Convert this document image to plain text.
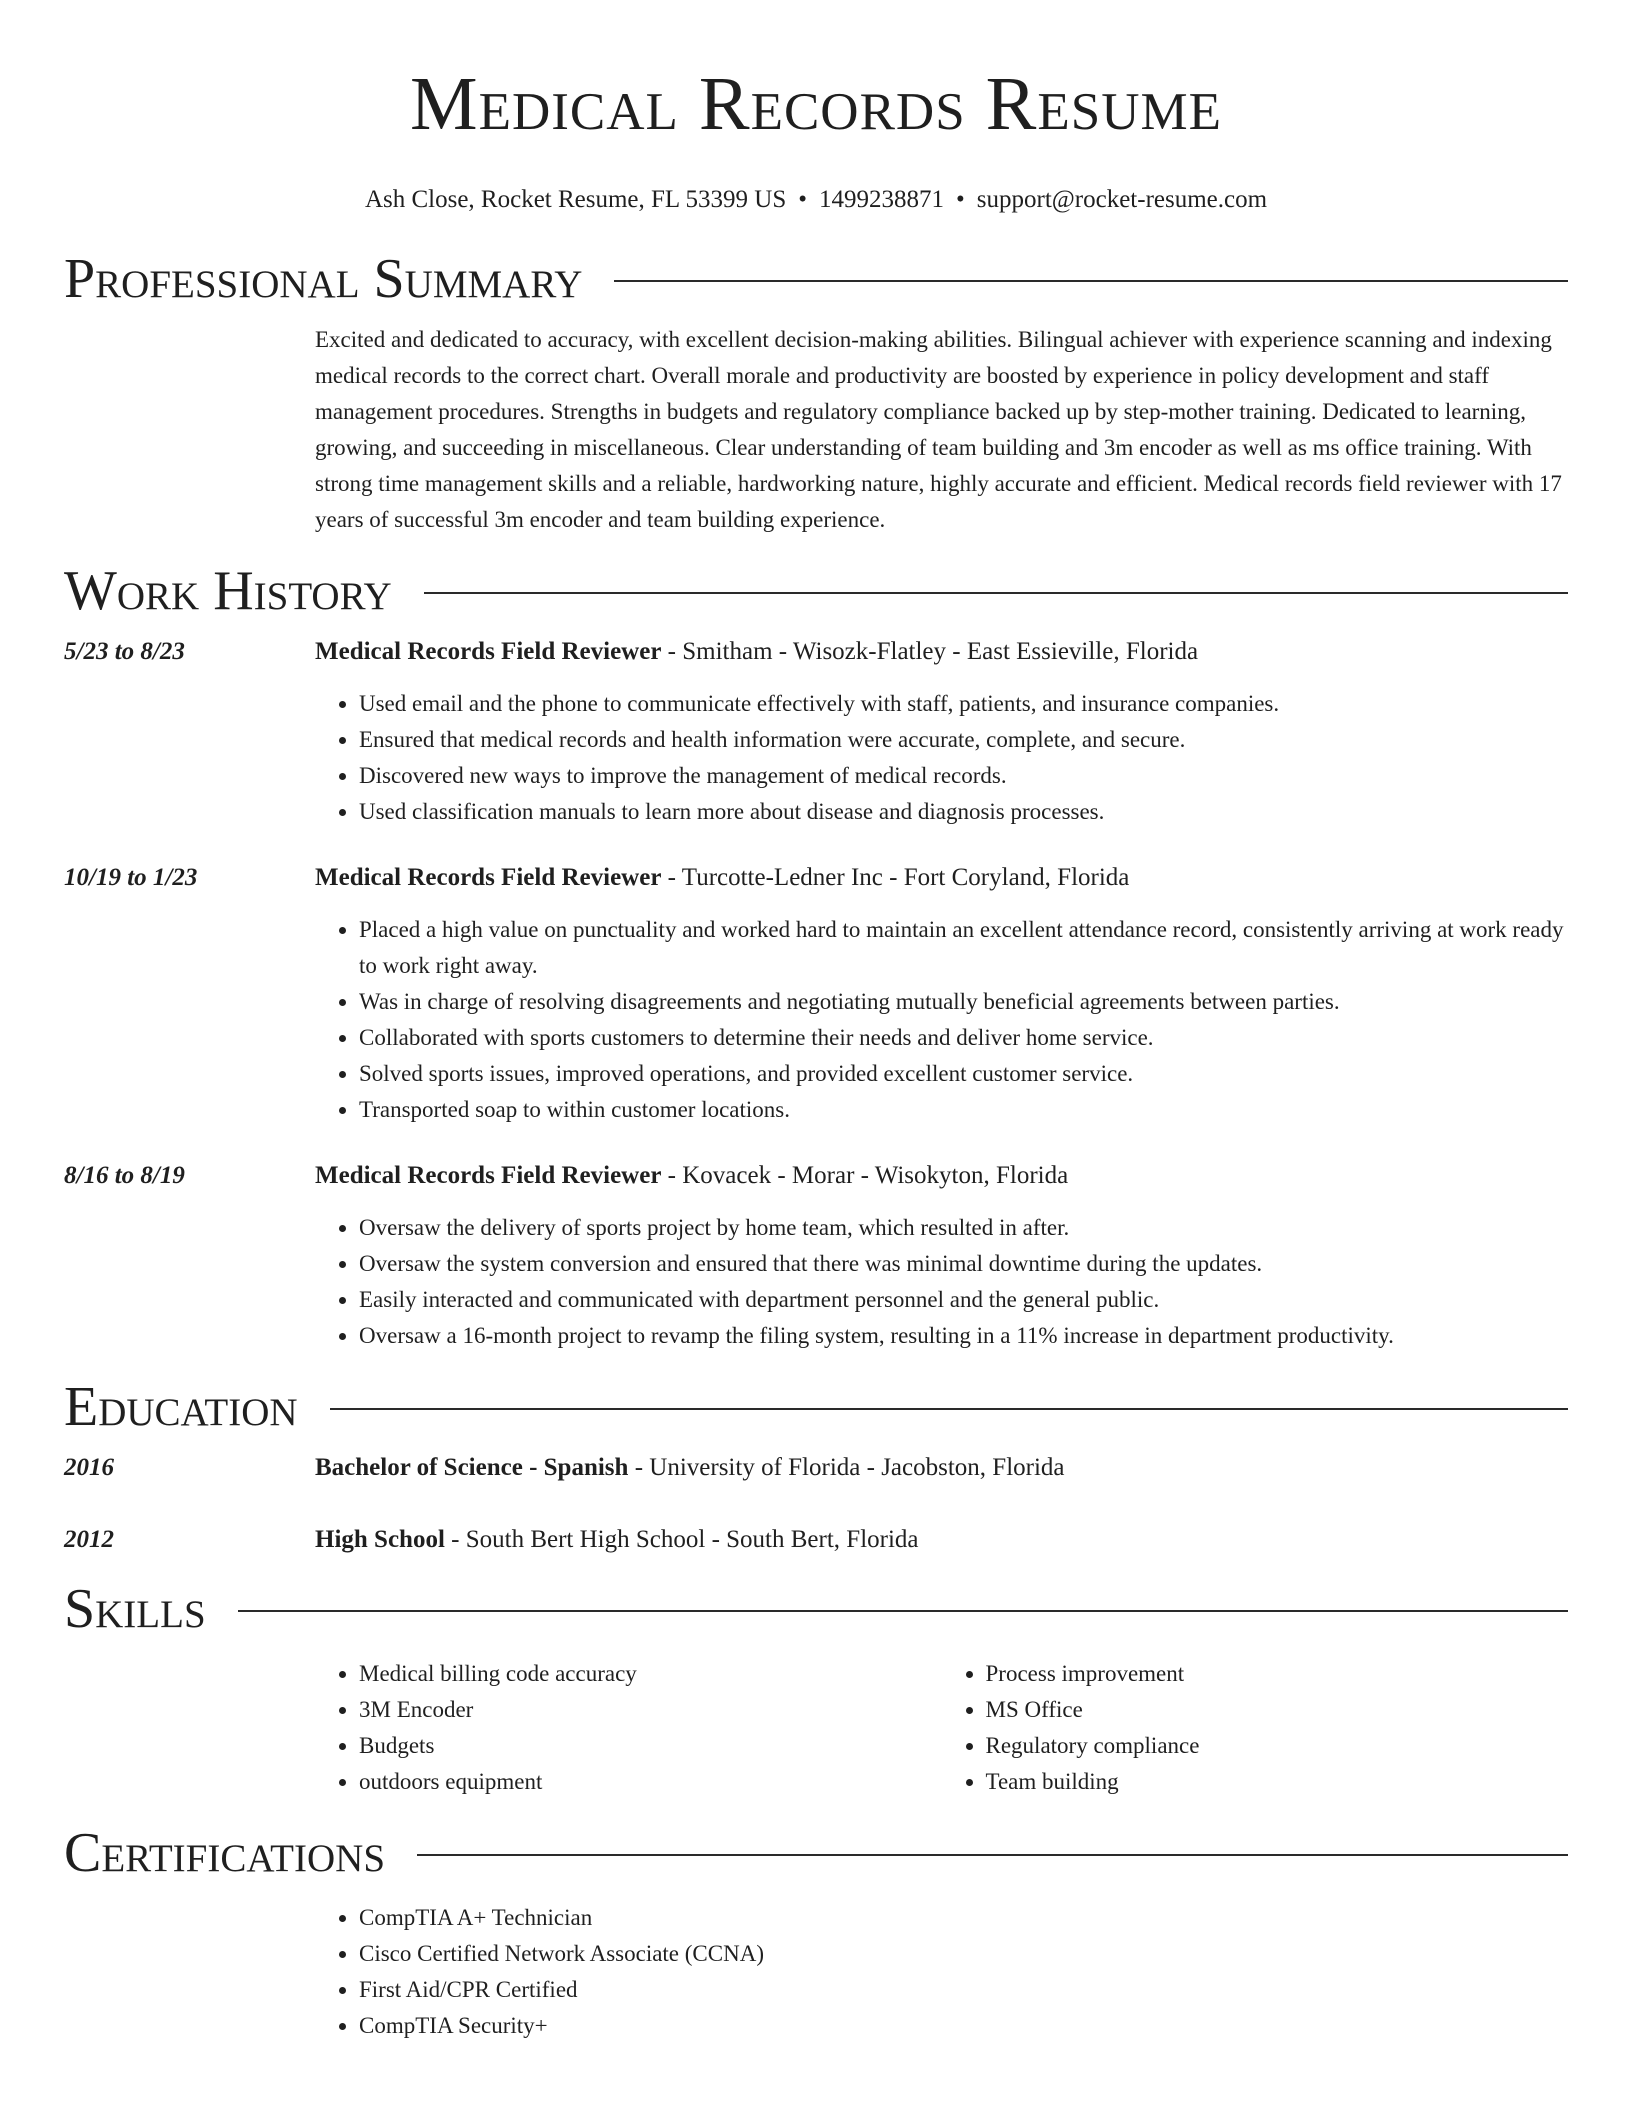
Medical Records Resume
Ash Close, Rocket Resume, FL 53399 US • 1499238871 • support@rocket-resume.com
Professional Summary
Excited and dedicated to accuracy, with excellent decision-making abilities. Bilingual achiever with experience scanning and indexing medical records to the correct chart. Overall morale and productivity are boosted by experience in policy development and staff management procedures. Strengths in budgets and regulatory compliance backed up by step-mother training. Dedicated to learning, growing, and succeeding in miscellaneous. Clear understanding of team building and 3m encoder as well as ms office training. With strong time management skills and a reliable, hardworking nature, highly accurate and efficient. Medical records field reviewer with 17 years of successful 3m encoder and team building experience.
Work History
5/23 to 8/23	Medical Records Field Reviewer - Smitham - Wisozk-Flatley - East Essieville, Florida
• Used email and the phone to communicate effectively with staff, patients, and insurance companies.
• Ensured that medical records and health information were accurate, complete, and secure.
• Discovered new ways to improve the management of medical records.
• Used classification manuals to learn more about disease and diagnosis processes.
10/19 to 1/23	Medical Records Field Reviewer - Turcotte-Ledner Inc - Fort Coryland, Florida
• Placed a high value on punctuality and worked hard to maintain an excellent attendance record, consistently arriving at work ready to work right away.
• Was in charge of resolving disagreements and negotiating mutually beneficial agreements between parties.
• Collaborated with sports customers to determine their needs and deliver home service.
• Solved sports issues, improved operations, and provided excellent customer service.
• Transported soap to within customer locations.
8/16 to 8/19	Medical Records Field Reviewer - Kovacek - Morar - Wisokyton, Florida
• Oversaw the delivery of sports project by home team, which resulted in after.
• Oversaw the system conversion and ensured that there was minimal downtime during the updates.
• Easily interacted and communicated with department personnel and the general public.
• Oversaw a 16-month project to revamp the filing system, resulting in a 11% increase in department productivity.
Education
2016	Bachelor of Science - Spanish - University of Florida - Jacobston, Florida
2012	High School - South Bert High School - South Bert, Florida
Skills
• Medical billing code accuracy
• 3M Encoder
• Budgets
• outdoors equipment
• Process improvement
• MS Office
• Regulatory compliance
• Team building
Certifications
• CompTIA A+ Technician
• Cisco Certified Network Associate (CCNA)
• First Aid/CPR Certified
• CompTIA Security+
